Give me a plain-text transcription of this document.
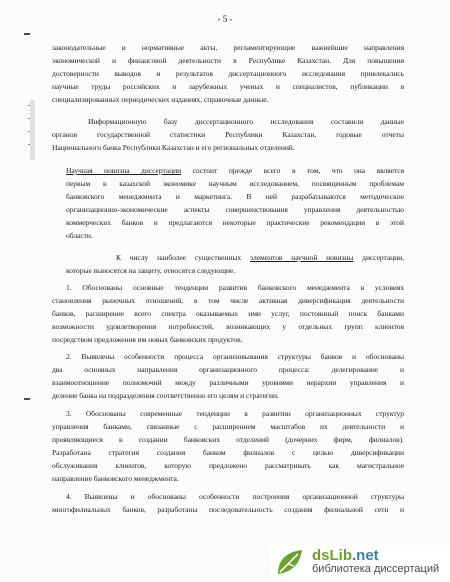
- 5 -
законодательные и нормативные акты, регламентирующие важнейшие направления
экономической и финансовой деятельности в Республике Казахстан. Для повышения
достоверности выводов и результатов диссертационного исследования привлекались
научные труды российских и зарубежных ученых и специалистов, публикации в
специализированных периодических изданиях, справочные данные.
Информационную базу диссертационного исследования составили данные
органов государственной статистики Республики Казахстан, годовые отчеты
Национального банка Республики Казахстан и его региональных отделений.
Научная новизна диссертации состоит прежде всего в том, что она является
первым в казахской экономике научным исследованием, посвященным проблемам
банковского менеджмента и маркетинга. В ней разрабатываются методические
организационно-экономические аспекты совершенствования управления деятельностью
коммерческих банков и предлагаются некоторые практические рекомендации в этой
области.
К числу наиболее существенных элементов научной новизны диссертации,
которые выносятся на защиту, относятся следующие.
1. Обоснованы основные тенденции развития банковского менеджмента в условиях
становления рыночных отношений, в том числе активная диверсификация деятельности
банков, расширение всего спектра оказываемых ими услуг, постоянный поиск банками
возможности удовлетворения потребностей, возникающих у отдельных групп клиентов
посредством предложения им новых банковских продуктов.
2. Выявлены особенности процесса организовывания структуры банков и обоснованы
два основных направления организационного процесса: делегирование и
взаимоотношение полномочий между различными уровнями иерархии управления и
деление банка на подразделения соответственно его целям и стратегии.
3. Обоснованы современные тенденции в развитии организационных структур
управления банками, связанные с расширением масштабов их деятельности и
проявляющиеся в создании банковских отделений (дочерних фирм, филиалов).
Разработана стратегия создания банком филиалов с целью диверсификации
обслуживания клиентов, которую предложено рассматривать как магистральное
направление банковского менеджмента.
4. Выявлены и обоснованы особенности построения организационной структуры
многофилиальных банков, разработаны последовательность создания филиальной сети и
dsLib.net
библиотека диссертаций
